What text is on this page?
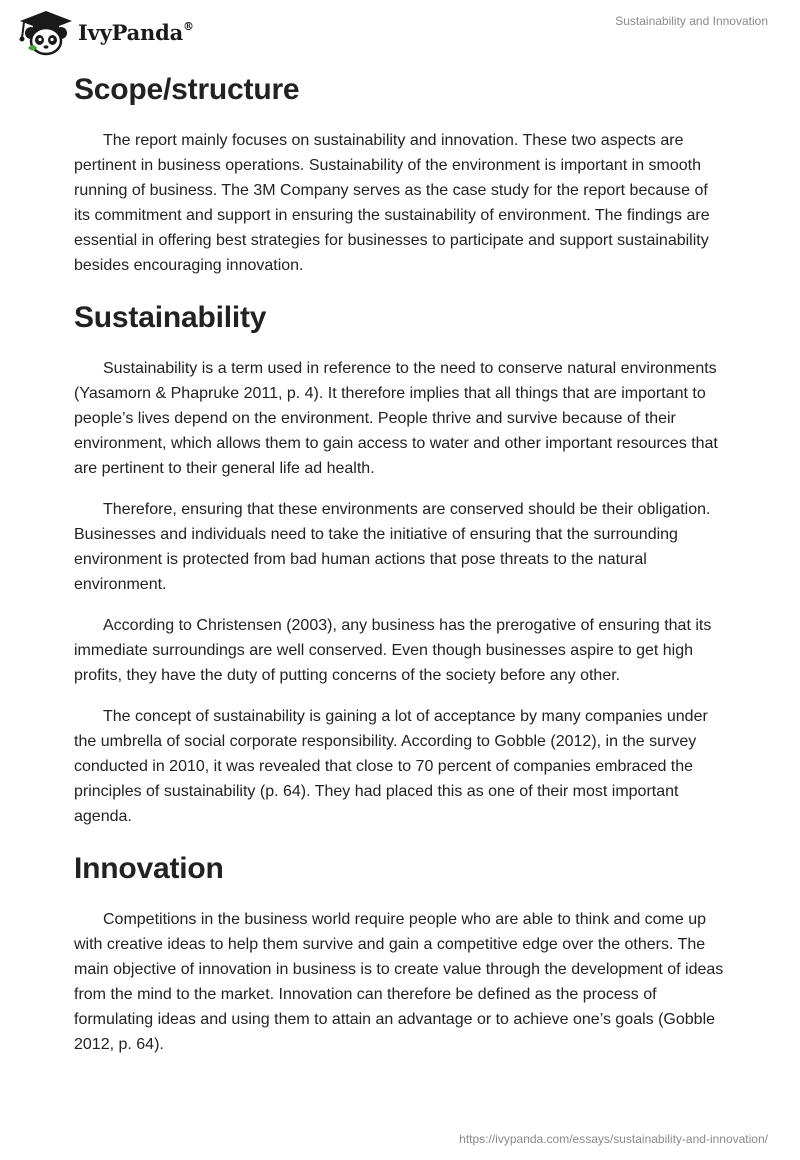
IvyPanda®	Sustainability and Innovation
Scope/structure

The report mainly focuses on sustainability and innovation. These two aspects are pertinent in business operations. Sustainability of the environment is important in smooth running of business. The 3M Company serves as the case study for the report because of its commitment and support in ensuring the sustainability of environment. The findings are essential in offering best strategies for businesses to participate and support sustainability besides encouraging innovation.

Sustainability

Sustainability is a term used in reference to the need to conserve natural environments (Yasamorn & Phapruke 2011, p. 4). It therefore implies that all things that are important to people’s lives depend on the environment. People thrive and survive because of their environment, which allows them to gain access to water and other important resources that are pertinent to their general life ad health.

Therefore, ensuring that these environments are conserved should be their obligation. Businesses and individuals need to take the initiative of ensuring that the surrounding environment is protected from bad human actions that pose threats to the natural environment.

According to Christensen (2003), any business has the prerogative of ensuring that its immediate surroundings are well conserved. Even though businesses aspire to get high profits, they have the duty of putting concerns of the society before any other.

The concept of sustainability is gaining a lot of acceptance by many companies under the umbrella of social corporate responsibility. According to Gobble (2012), in the survey conducted in 2010, it was revealed that close to 70 percent of companies embraced the principles of sustainability (p. 64). They had placed this as one of their most important agenda.

Innovation

Competitions in the business world require people who are able to think and come up with creative ideas to help them survive and gain a competitive edge over the others. The main objective of innovation in business is to create value through the development of ideas from the mind to the market. Innovation can therefore be defined as the process of formulating ideas and using them to attain an advantage or to achieve one’s goals (Gobble 2012, p. 64).

https://ivypanda.com/essays/sustainability-and-innovation/
